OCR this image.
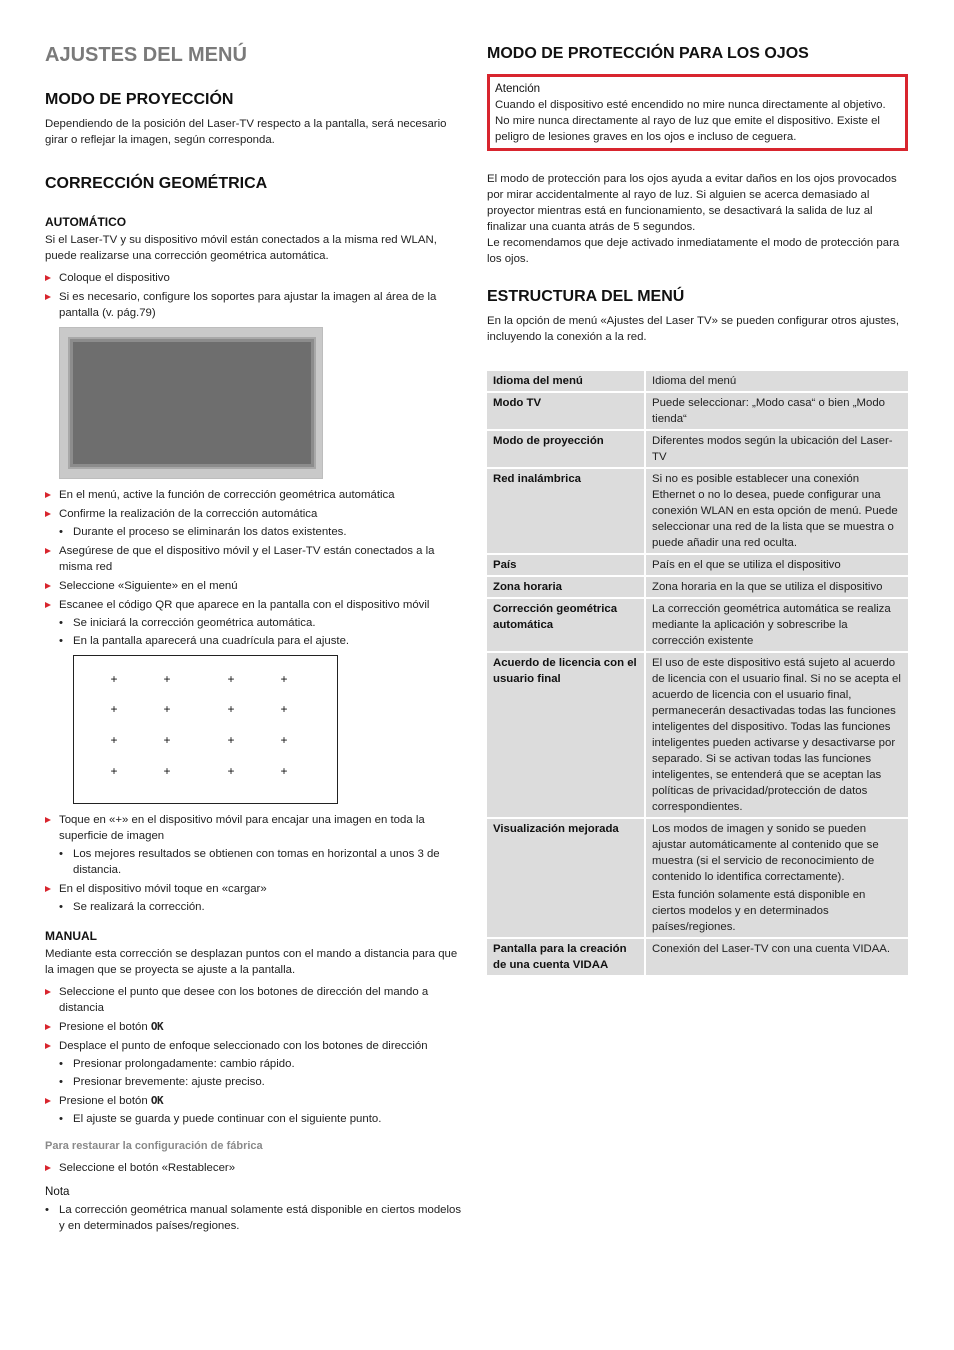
AJUSTES DEL MENÚ
MODO DE PROYECCIÓN

Dependiendo de la posición del Laser-TV respecto a la pantalla, será necesario girar o reflejar la imagen, según corresponda.

CORRECCIÓN GEOMÉTRICA
AUTOMÁTICO

Si el Laser-TV y su dispositivo móvil están conectados a la misma red WLAN, puede realizarse una corrección geométrica automática.

Coloque el dispositivo
Si es necesario, configure los soportes para ajustar la imagen al área de la pantalla (v. pág.79)
En el menú, active la función de corrección geométrica automática
Confirme la realización de la corrección automática
• Durante el proceso se eliminarán los datos existentes.
Asegúrese de que el dispositivo móvil y el Laser-TV están conectados a la misma red
Seleccione «Siguiente» en el menú
Escanee el código QR que aparece en la pantalla con el dispositivo móvil
• Se iniciará la corrección geométrica automática.
• En la pantalla aparecerá una cuadrícula para el ajuste.
+	+	+	+
+	+	+	+
+	+	+	+
+	+	+	+
Toque en «+» en el dispositivo móvil para encajar una imagen en toda la superficie de imagen
• Los mejores resultados se obtienen con tomas en horizontal a unos 3 de distancia.
En el dispositivo móvil toque en «cargar»
• Se realizará la corrección.
MANUAL

Mediante esta corrección se desplazan puntos con el mando a distancia para que la imagen que se proyecta se ajuste a la pantalla.

Seleccione el punto que desee con los botones de dirección del mando a distancia
Presione el botón OK
Desplace el punto de enfoque seleccionado con los botones de dirección
• Presionar prolongadamente: cambio rápido.
• Presionar brevemente: ajuste preciso.
Presione el botón OK
• El ajuste se guarda y puede continuar con el siguiente punto.
Para restaurar la configuración de fábrica
Seleccione el botón «Restablecer»
Nota
• La corrección geométrica manual solamente está disponible en ciertos modelos y en determinados países/regiones.
MODO DE PROTECCIÓN PARA LOS OJOS
Atención
Cuando el dispositivo esté encendido no mire nunca directamente al objetivo. No mire nunca directamente al rayo de luz que emite el dispositivo. Existe el peligro de lesiones graves en los ojos e incluso de ceguera.

El modo de protección para los ojos ayuda a evitar daños en los ojos provocados por mirar accidentalmente al rayo de luz. Si alguien se acerca demasiado al proyector mientras está en funcionamiento, se desactivará la salida de luz al finalizar una cuanta atrás de 5 segundos.

Le recomendamos que deje activado inmediatamente el modo de protección para los ojos.

ESTRUCTURA DEL MENÚ

En la opción de menú «Ajustes del Laser TV» se pueden configurar otros ajustes, incluyendo la conexión a la red.

Idioma del menú	Idioma del menú
Modo TV	Puede seleccionar: „Modo casa“ o bien „Modo tienda“
Modo de proyección	Diferentes modos según la ubicación del Laser-TV
Red inalámbrica	Si no es posible establecer una conexión Ethernet o no lo desea, puede configurar una conexión WLAN en esta opción de menú. Puede seleccionar una red de la lista que se muestra o puede añadir una red oculta.
País	País en el que se utiliza el dispositivo
Zona horaria	Zona horaria en la que se utiliza el dispositivo
Corrección geométrica automática	La corrección geométrica automática se realiza mediante la aplicación y sobrescribe la corrección existente
Acuerdo de licencia con el usuario final	El uso de este dispositivo está sujeto al acuerdo de licencia con el usuario final. Si no se acepta el acuerdo de licencia con el usuario final, permanecerán desactivadas todas las funciones inteligentes del dispositivo. Todas las funciones inteligentes pueden activarse y desactivarse por separado. Si se activan todas las funciones inteligentes, se entenderá que se aceptan las políticas de privacidad/protección de datos correspondientes.
Visualización mejorada	Los modos de imagen y sonido se pueden ajustar automáticamente al contenido que se muestra (si el servicio de reconocimiento de contenido lo identifica correctamente).

Esta función solamente está disponible en ciertos modelos y en determinados países/regiones.

Pantalla para la creación de una cuenta VIDAA	Conexión del Laser-TV con una cuenta VIDAA.
